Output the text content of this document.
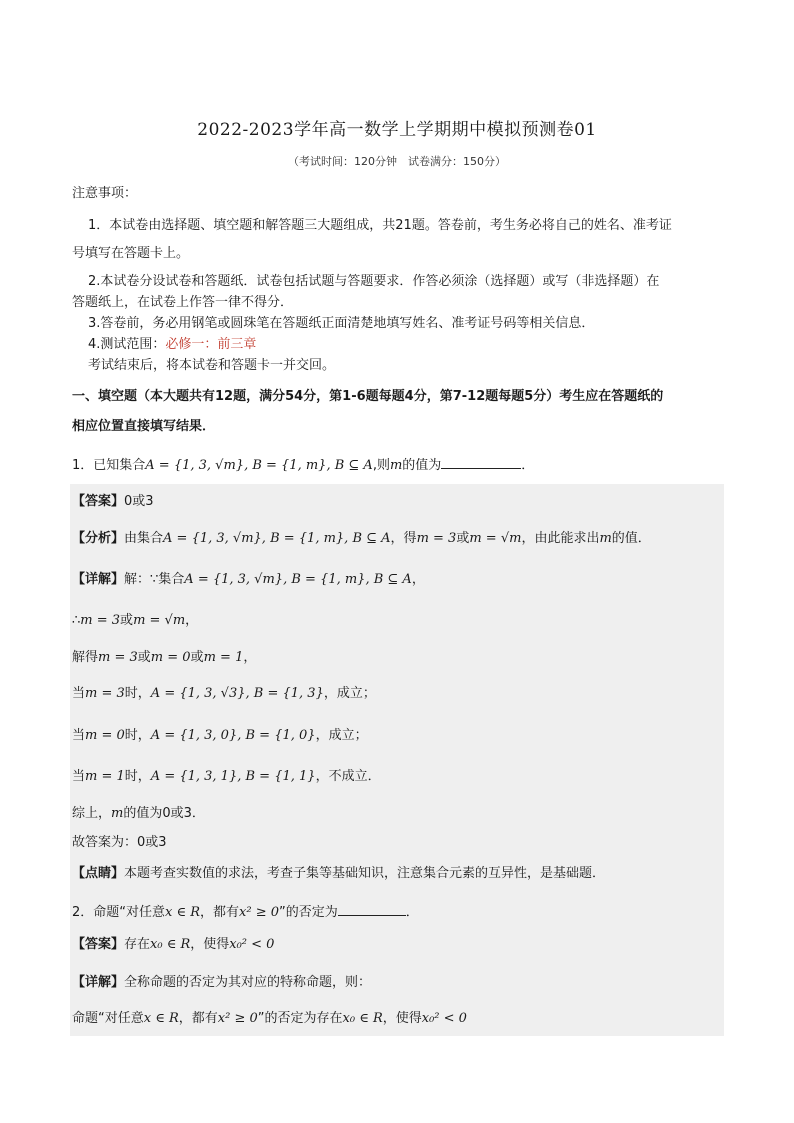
2022-2023学年高一数学上学期期中模拟预测卷01
（考试时间：120分钟　试卷满分：150分）
注意事项：
1．本试卷由选择题、填空题和解答题三大题组成，共21题。答卷前，考生务必将自己的姓名、准考证
号填写在答题卡上。
2.本试卷分设试卷和答题纸．试卷包括试题与答题要求．作答必须涂（选择题）或写（非选择题）在
答题纸上，在试卷上作答一律不得分．
3.答卷前，务必用钢笔或圆珠笔在答题纸正面清楚地填写姓名、准考证号码等相关信息．
4.测试范围：必修一：前三章
考试结束后，将本试卷和答题卡一并交回。
一、填空题（本大题共有12题，满分54分，第1-6题每题4分，第7-12题每题5分）考生应在答题纸的
相应位置直接填写结果．
1．已知集合A = {1, 3, √m}, B = {1, m}, B ⊆ A,则m的值为	．
【答案】0或3
【分析】由集合A = {1, 3, √m}, B = {1, m}, B ⊆ A，得m = 3或m = √m，由此能求出m的值．
【详解】解：∵集合A = {1, 3, √m}, B = {1, m}, B ⊆ A，
∴m = 3或m = √m，
解得m = 3或m = 0或m = 1，
当m = 3时，A = {1, 3, √3}, B = {1, 3}，成立；
当m = 0时，A = {1, 3, 0}, B = {1, 0}，成立；
当m = 1时，A = {1, 3, 1}, B = {1, 1}，不成立．
综上，m的值为0或3．
故答案为：0或3
【点睛】本题考查实数值的求法，考查子集等基础知识，注意集合元素的互异性，是基础题．
2．命题“对任意x ∈ R，都有x² ≥ 0”的否定为	．
【答案】存在x₀ ∈ R，使得x₀² < 0
【详解】全称命题的否定为其对应的特称命题，则：
命题“对任意x ∈ R，都有x² ≥ 0”的否定为存在x₀ ∈ R，使得x₀² < 0
